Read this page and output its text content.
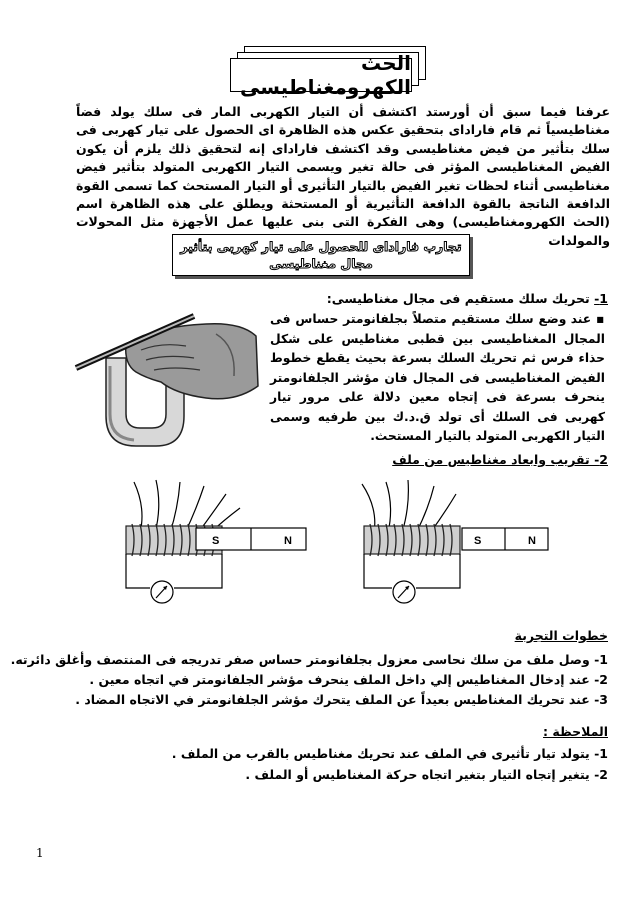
الحث الكهرومغناطيسى
عرفنا فيما سبق أن أورستد اكتشف أن التيار الكهربى المار فى سلك يولد فضاً مغناطيسياً ثم قام فاراداى بتحقيق عكس هذه الظاهرة اى الحصول على تيار كهربى فى سلك بتأثير من فيض مغناطيسى وقد اكتشف فاراداى إنه لتحقيق ذلك يلزم أن يكون الفيض المغناطيسى المؤثر فى حالة تغير ويسمى التيار الكهربى المتولد بتأثير فيض مغناطيسى أثناء لحظات تغير الفيض بالتيار التأثيرى أو التيار المستحث كما تسمى القوة الدافعة الناتجة بالقوة الدافعة التأثيرية أو المستحثة ويطلق على هذه الظاهرة اسم (الحث الكهرومغناطيسى) وهى الفكرة التى بنى عليها عمل الأجهزة مثل المحولات والمولدات
تجارب فاراداى للحصول على تيار كهربى بتأثير
مجال مغناطيسى
1- تحريك سلك مستقيم فى مجال مغناطيسى:
▪ عند وضع سلك مستقيم متصلاً بجلفانومتر حساس فى المجال المغناطيسى بين قطبى مغناطيس على شكل حذاء فرس ثم تحريك السلك بسرعة بحيث يقطع خطوط الفيض المغناطيسى فى المجال فان مؤشر الجلفانومتر ينحرف بسرعة فى إتجاه معين دلالة على مرور تيار كهربى فى السلك أى تولد ق.د.ك بين طرفيه وسمى التيار الكهربى المتولد بالتيار المستحث.
2- تقريب وابعاد مغناطيس من ملف
S	N	S	N
خطوات التجربة
1- وصل ملف من سلك نحاسى معزول بجلفانومتر حساس صفر تدريجه فى المنتصف وأغلق دائرته.
2- عند إدخال المغناطيس إلي داخل الملف ينحرف مؤشر الجلفانومتر في اتجاه معين .
3- عند تحريك المغناطيس بعيداً عن الملف يتحرك مؤشر الجلفانومتر في الاتجاه المضاد .
الملاحظة :
1- يتولد تيار تأثيرى في الملف عند تحريك مغناطيس بالقرب من الملف .
2- يتغير إتجاه التيار بتغير اتجاه حركة المغناطيس أو الملف .
1
